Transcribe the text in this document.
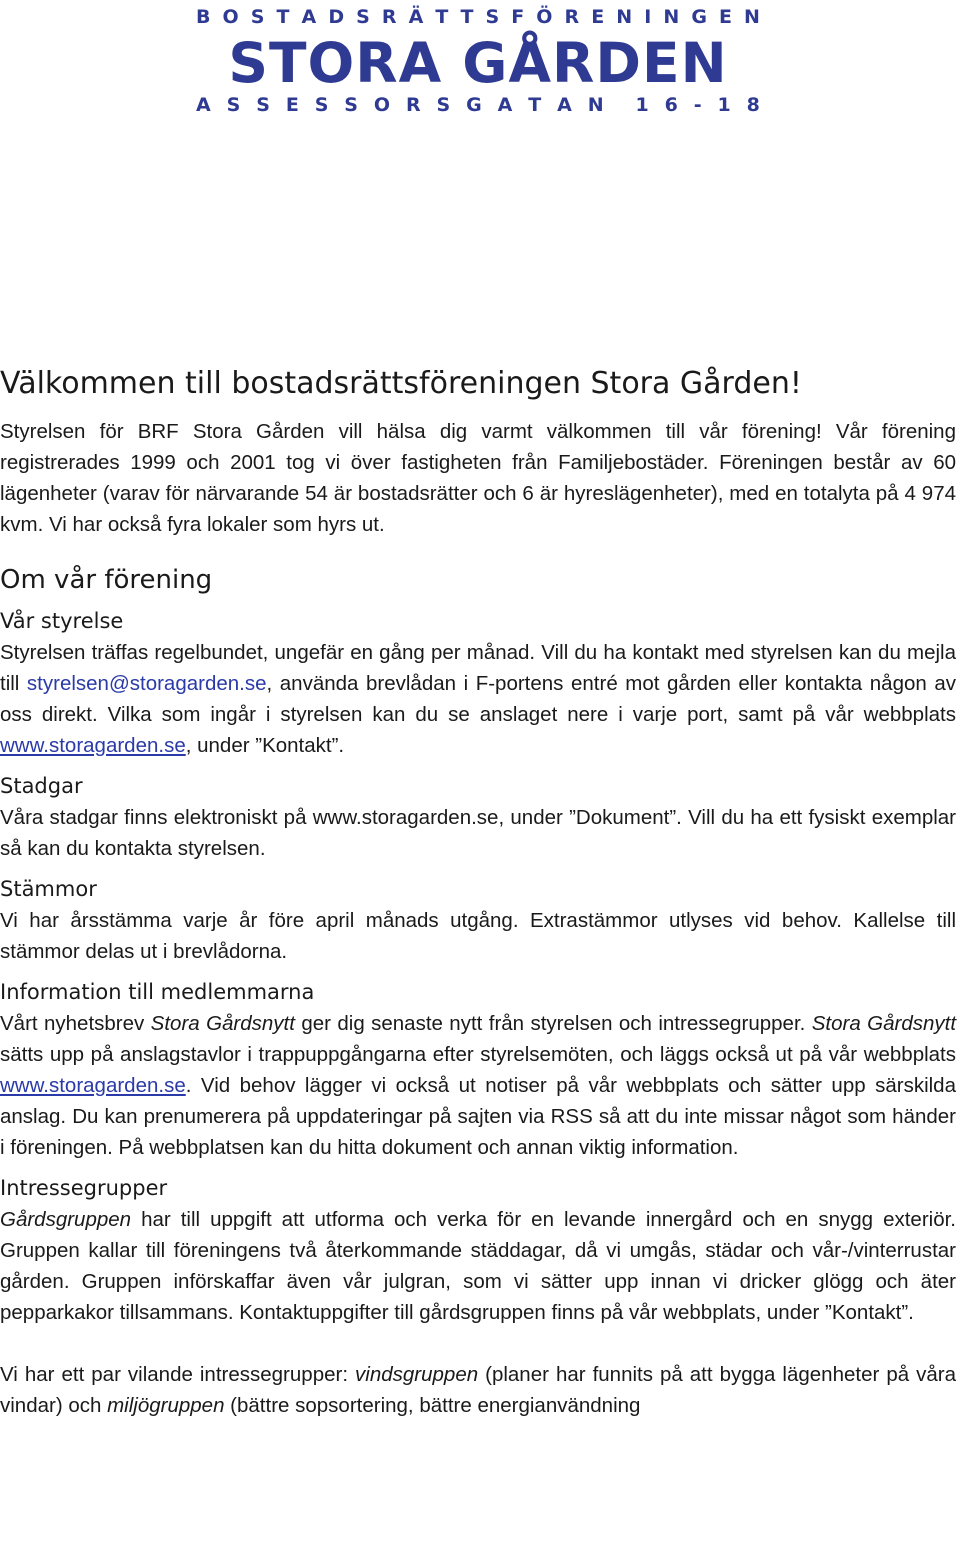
B O S T A D S R Ä T T S F Ö R E N I N G E N
STORA GÅRDEN
A S S E S S O R S G A T A N 1 6 - 1 8
Välkommen till bostadsrättsföreningen Stora Gården!

Styrelsen för BRF Stora Gården vill hälsa dig varmt välkommen till vår förening! Vår förening registrerades 1999 och 2001 tog vi över fastigheten från Familjebostäder. Föreningen består av 60 lägenheter (varav för närvarande 54 är bostadsrätter och 6 är hyreslägenheter), med en totalyta på 4 974 kvm. Vi har också fyra lokaler som hyrs ut.

Om vår förening
Vår styrelse

Styrelsen träffas regelbundet, ungefär en gång per månad. Vill du ha kontakt med styrelsen kan du mejla till styrelsen@storagarden.se, använda brevlådan i F-portens entré mot gården eller kontakta någon av oss direkt. Vilka som ingår i styrelsen kan du se anslaget nere i varje port, samt på vår webbplats www.storagarden.se, under ”Kontakt”.

Stadgar

Våra stadgar finns elektroniskt på www.storagarden.se, under ”Dokument”. Vill du ha ett fysiskt exemplar så kan du kontakta styrelsen.

Stämmor

Vi har årsstämma varje år före april månads utgång. Extrastämmor utlyses vid behov. Kallelse till stämmor delas ut i brevlådorna.

Information till medlemmarna

Vårt nyhetsbrev Stora Gårdsnytt ger dig senaste nytt från styrelsen och intressegrupper. Stora Gårdsnytt sätts upp på anslagstavlor i trappuppgångarna efter styrelsemöten, och läggs också ut på vår webbplats www.storagarden.se. Vid behov lägger vi också ut notiser på vår webbplats och sätter upp särskilda anslag. Du kan prenumerera på uppdateringar på sajten via RSS så att du inte missar något som händer i föreningen. På webbplatsen kan du hitta dokument och annan viktig information.

Intressegrupper

Gårdsgruppen har till uppgift att utforma och verka för en levande innergård och en snygg exteriör. Gruppen kallar till föreningens två återkommande städdagar, då vi umgås, städar och vår-/vinterrustar gården. Gruppen införskaffar även vår julgran, som vi sätter upp innan vi dricker glögg och äter pepparkakor tillsammans. Kontaktuppgifter till gårdsgruppen finns på vår webbplats, under ”Kontakt”.

Vi har ett par vilande intressegrupper: vindsgruppen (planer har funnits på att bygga lägenheter på våra vindar) och miljögruppen (bättre sopsortering, bättre energianvändning
